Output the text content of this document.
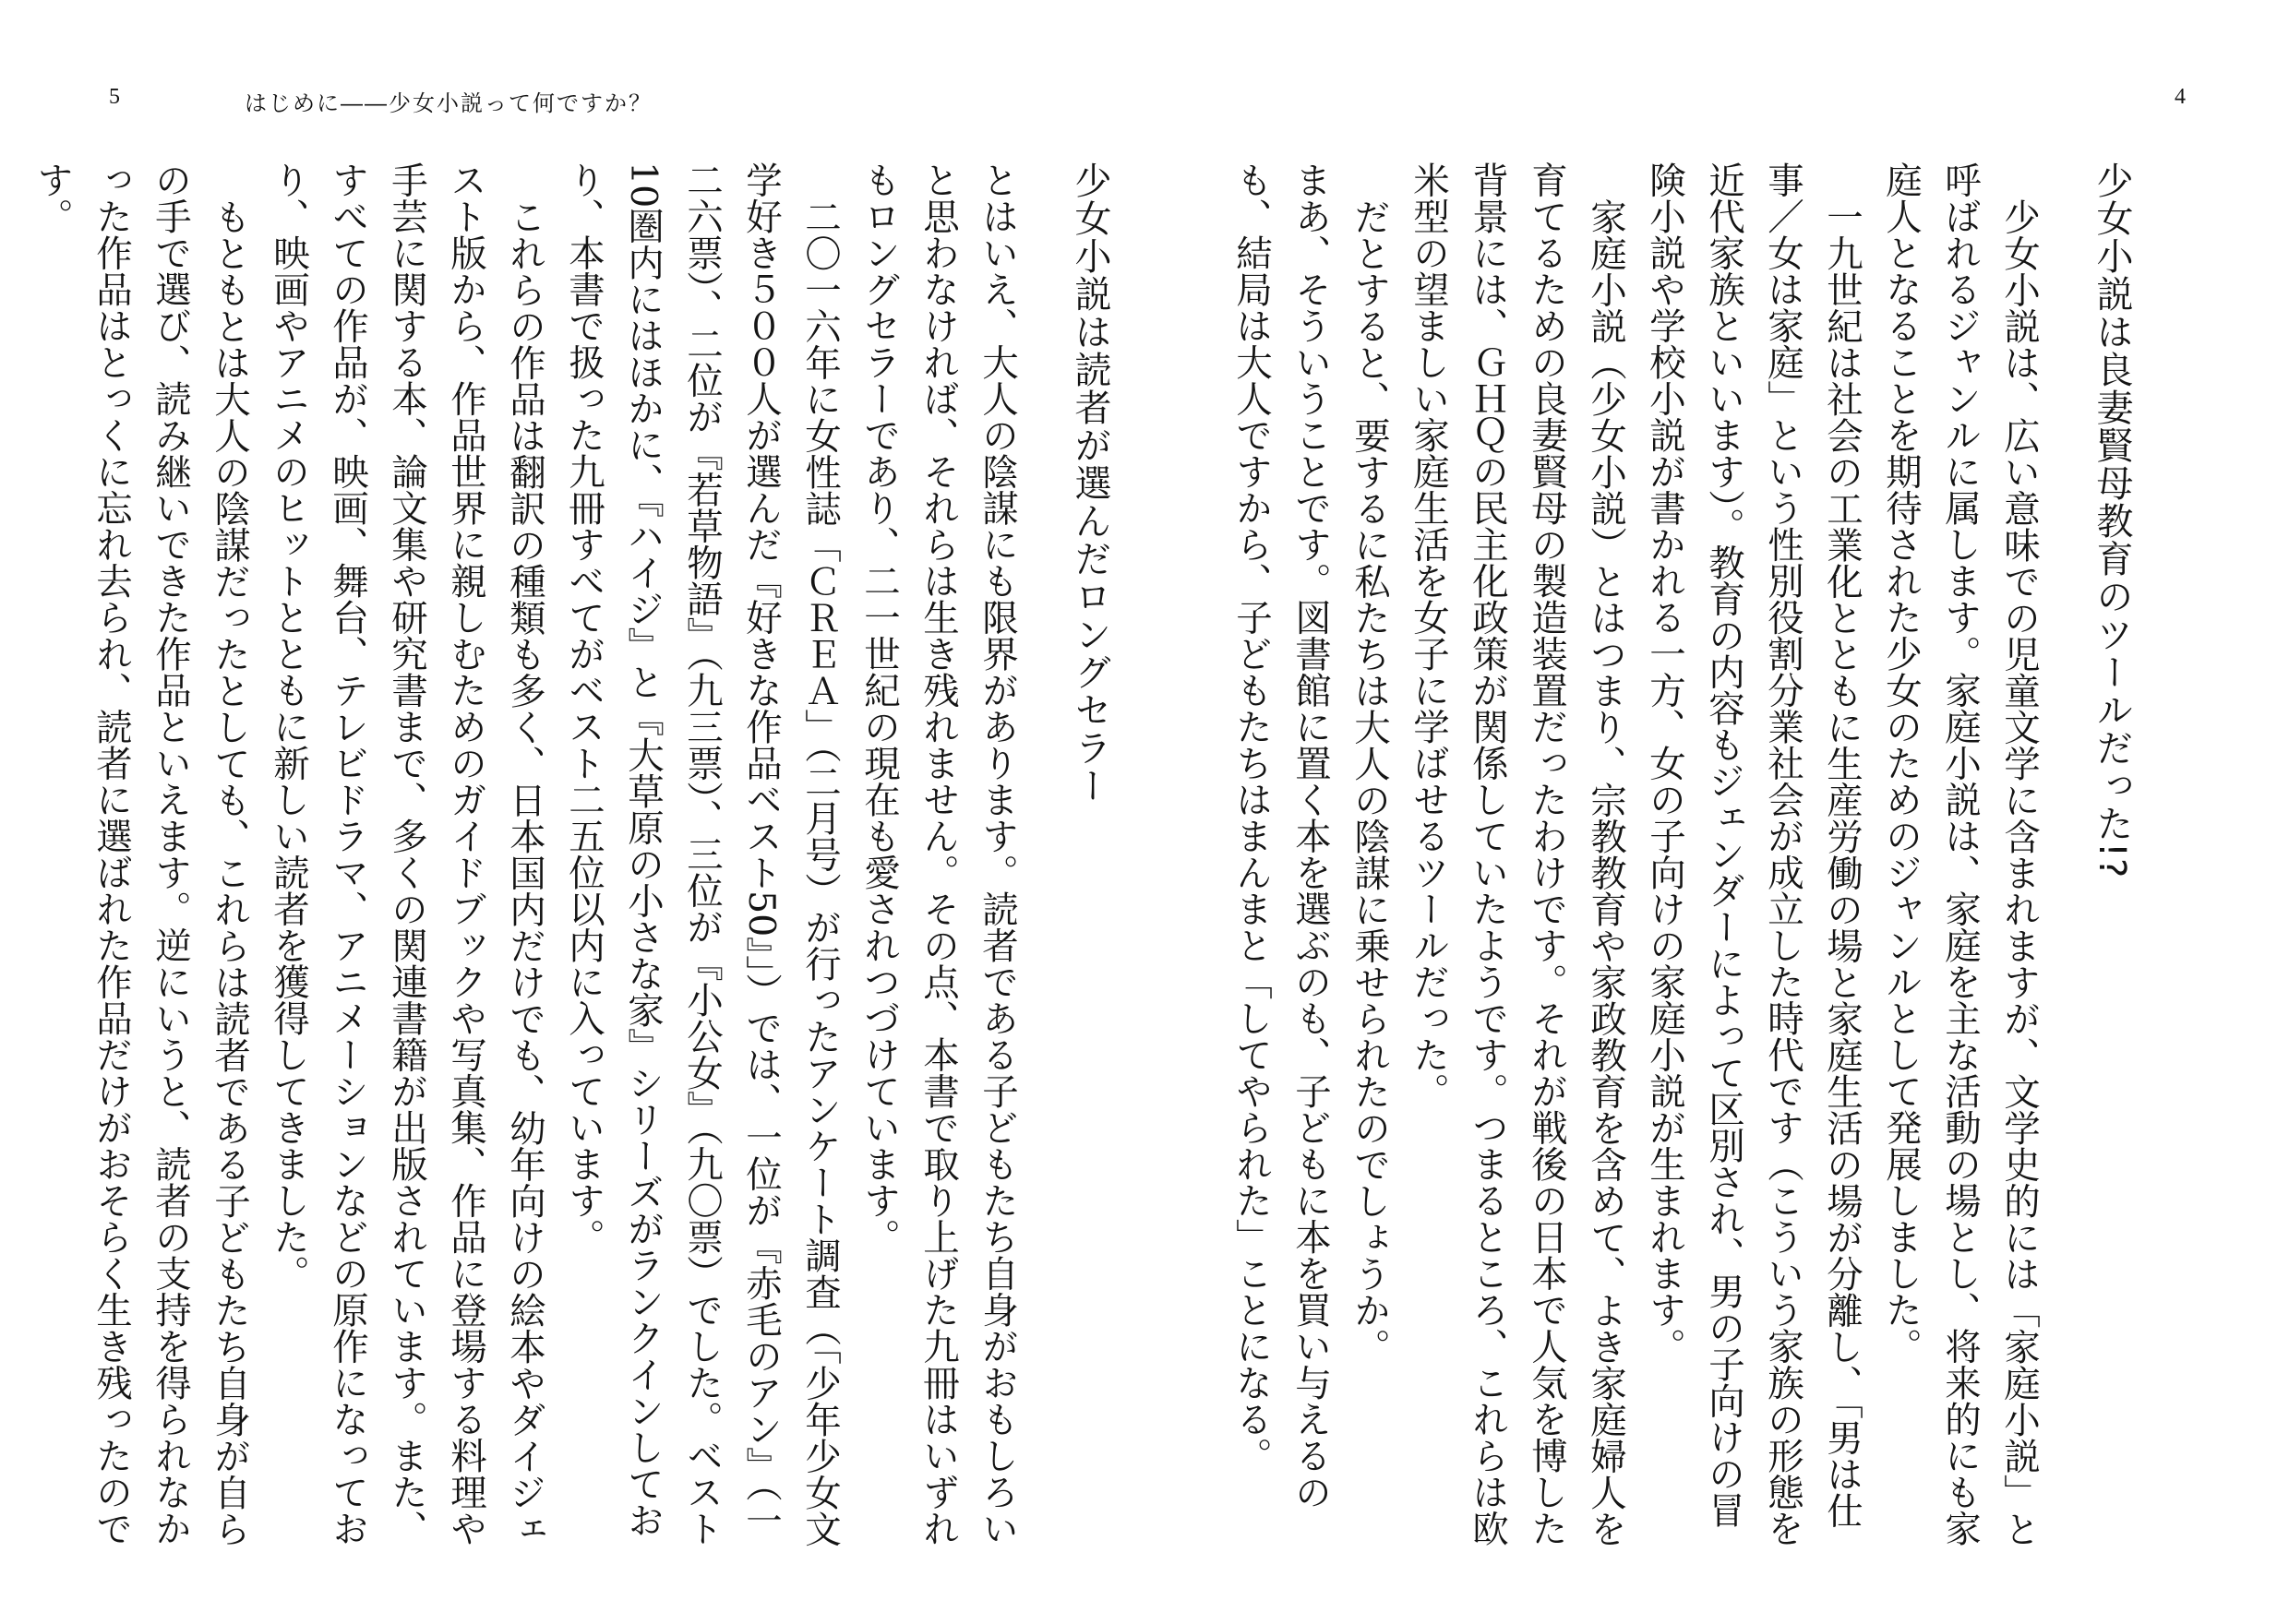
5	はじめに――少女小説って何ですか？	4
少女小説は良妻賢母教育のツールだった!?

少女小説は、広い意味での児童文学に含まれますが、文学史的には「家庭小説」と呼ばれるジャンルに属します。家庭小説は、家庭を主な活動の場とし、将来的にも家庭人となることを期待された少女のためのジャンルとして発展しました。

一九世紀は社会の工業化とともに生産労働の場と家庭生活の場が分離し、「男は仕事／女は家庭」という性別役割分業社会が成立した時代です（こういう家族の形態を近代家族といいます）。教育の内容もジェンダーによって区別され、男の子向けの冒険小説や学校小説が書かれる一方、女の子向けの家庭小説が生まれます。

家庭小説（少女小説）とはつまり、宗教教育や家政教育を含めて、よき家庭婦人を育てるための良妻賢母の製造装置だったわけです。それが戦後の日本で人気を博した背景には、ＧＨＱの民主化政策が関係していたようです。つまるところ、これらは欧米型の望ましい家庭生活を女子に学ばせるツールだった。

だとすると、要するに私たちは大人の陰謀に乗せられたのでしょうか。

まあ、そういうことです。図書館に置く本を選ぶのも、子どもに本を買い与えるのも、結局は大人ですから、子どもたちはまんまと「してやられた」ことになる。

少女小説は読者が選んだロングセラー

とはいえ、大人の陰謀にも限界があります。読者である子どもたち自身がおもしろいと思わなければ、それらは生き残れません。その点、本書で取り上げた九冊はいずれもロングセラーであり、二一世紀の現在も愛されつづけています。

二〇一六年に女性誌「ＣＲＥＡ」（二月号）が行ったアンケート調査（「少年少女文学好き５００人が選んだ『好きな作品ベスト50』」）では、一位が『赤毛のアン』（一二六票）、二位が『若草物語』（九三票）、三位が『小公女』（九〇票）でした。ベスト10圏内にはほかに、『ハイジ』と『大草原の小さな家』シリーズがランクインしており、本書で扱った九冊すべてがベスト二五位以内に入っています。

これらの作品は翻訳の種類も多く、日本国内だけでも、幼年向けの絵本やダイジェスト版から、作品世界に親しむためのガイドブックや写真集、作品に登場する料理や手芸に関する本、論文集や研究書まで、多くの関連書籍が出版されています。また、すべての作品が、映画、舞台、テレビドラマ、アニメーションなどの原作になっており、映画やアニメのヒットとともに新しい読者を獲得してきました。

もともとは大人の陰謀だったとしても、これらは読者である子どもたち自身が自らの手で選び、読み継いできた作品といえます。逆にいうと、読者の支持を得られなかった作品はとっくに忘れ去られ、読者に選ばれた作品だけがおそらく生き残ったのです。
